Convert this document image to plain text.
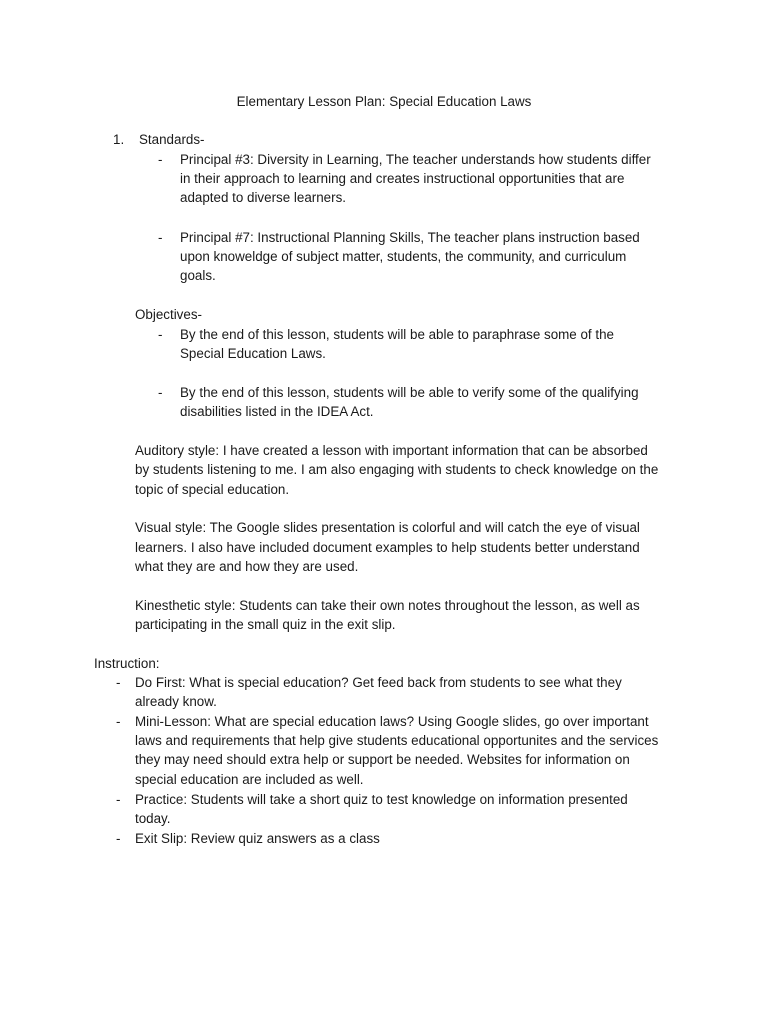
Elementary Lesson Plan: Special Education Laws
1. Standards-
- Principal #3: Diversity in Learning, The teacher understands how students differ
in their approach to learning and creates instructional opportunities that are
adapted to diverse learners.
- Principal #7: Instructional Planning Skills, The teacher plans instruction based
upon knoweldge of subject matter, students, the community, and curriculum
goals.
Objectives-
- By the end of this lesson, students will be able to paraphrase some of the
Special Education Laws.
- By the end of this lesson, students will be able to verify some of the qualifying
disabilities listed in the IDEA Act.
Auditory style: I have created a lesson with important information that can be absorbed
by students listening to me. I am also engaging with students to check knowledge on the
topic of special education.
Visual style: The Google slides presentation is colorful and will catch the eye of visual
learners. I also have included document examples to help students better understand
what they are and how they are used.
Kinesthetic style: Students can take their own notes throughout the lesson, as well as
participating in the small quiz in the exit slip.
Instruction:
- Do First: What is special education? Get feed back from students to see what they
already know.
- Mini-Lesson: What are special education laws? Using Google slides, go over important
laws and requirements that help give students educational opportunites and the services
they may need should extra help or support be needed. Websites for information on
special education are included as well.
- Practice: Students will take a short quiz to test knowledge on information presented
today.
- Exit Slip: Review quiz answers as a class
